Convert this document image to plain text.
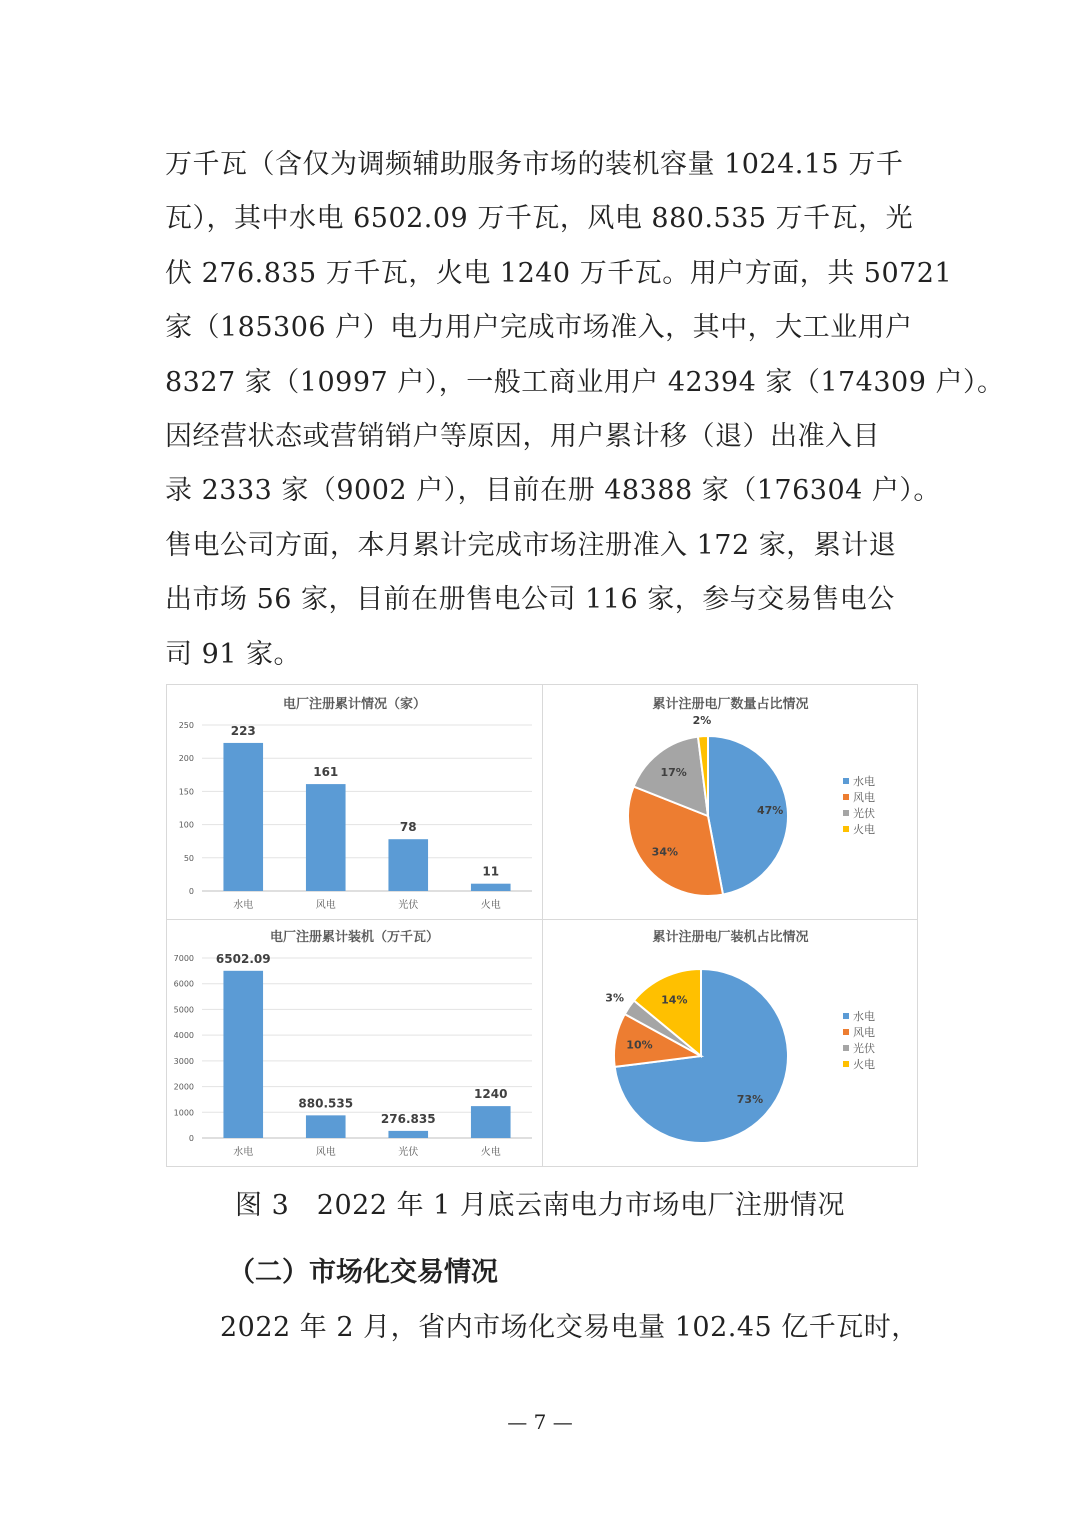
万千瓦（含仅为调频辅助服务市场的装机容量 1024.15 万千
瓦），其中水电 6502.09 万千瓦，风电 880.535 万千瓦，光
伏 276.835 万千瓦，火电 1240 万千瓦。用户方面，共 50721
家（185306 户）电力用户完成市场准入，其中，大工业用户
8327 家（10997 户），一般工商业用户 42394 家（174309 户）。
因经营状态或营销销户等原因，用户累计移（退）出准入目
录 2333 家（9002 户），目前在册 48388 家（176304 户）。
售电公司方面，本月累计完成市场注册准入 172 家，累计退
出市场 56 家，目前在册售电公司 116 家，参与交易售电公
司 91 家。
电厂注册累计情况（家）
0
50
100
150
200
250	223
水电
161
风电
78
光伏
11
火电
累计注册电厂数量占比情况
47%
34%
17%
2%
水电
风电
光伏
火电
电厂注册累计装机（万千瓦）
0
1000
2000
3000
4000
5000
6000
7000 6502.09
水电
880.535
风电
276.835
光伏
1240
火电
累计注册电厂装机占比情况
73%
10%
3%	14%
水电
风电
光伏
火电
图 3　2022 年 1 月底云南电力市场电厂注册情况
（二）市场化交易情况
2022 年 2 月，省内市场化交易电量 102.45 亿千瓦时，
— 7 —
